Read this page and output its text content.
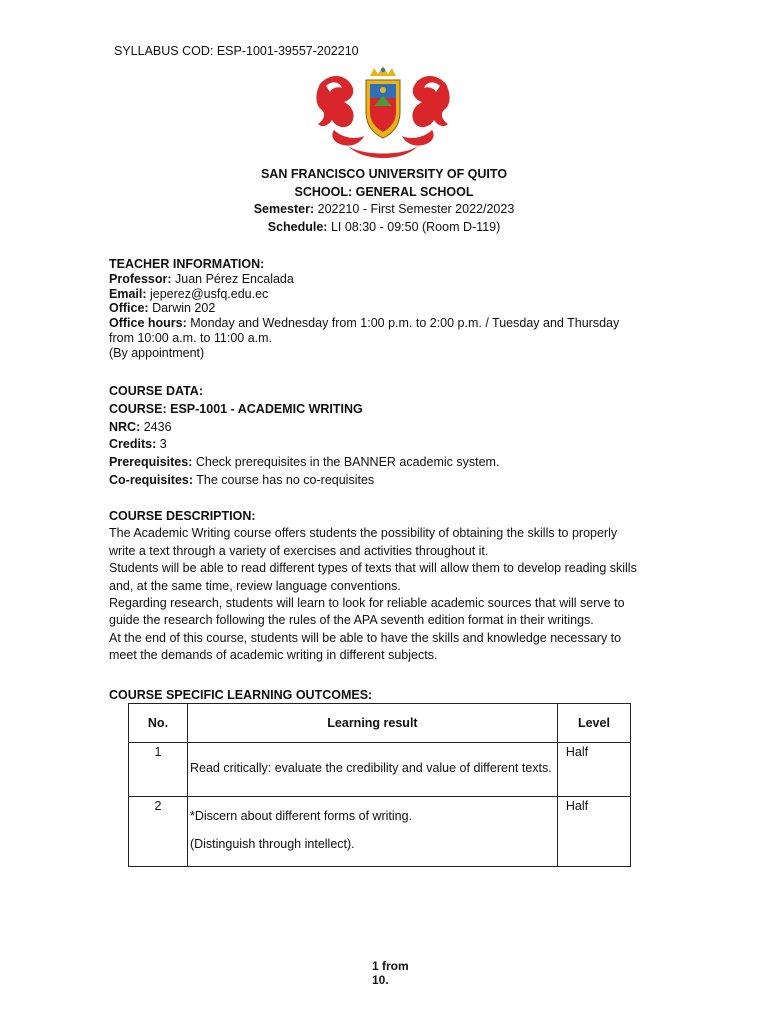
SYLLABUS COD: ESP-1001-39557-202210
SAN FRANCISCO UNIVERSITY OF QUITO
SCHOOL: GENERAL SCHOOL
Semester: 202210 - First Semester 2022/2023
Schedule: LI 08:30 - 09:50 (Room D-119)
TEACHER INFORMATION:
Professor: Juan Pérez Encalada
Email: jeperez@usfq.edu.ec
Office: Darwin 202
Office hours: Monday and Wednesday from 1:00 p.m. to 2:00 p.m. / Tuesday and Thursday
from 10:00 a.m. to 11:00 a.m.
(By appointment)
COURSE DATA:
COURSE: ESP-1001 - ACADEMIC WRITING
NRC: 2436
Credits: 3
Prerequisites: Check prerequisites in the BANNER academic system.
Co-requisites: The course has no co-requisites
COURSE DESCRIPTION:

The Academic Writing course offers students the possibility of obtaining the skills to properly

write a text through a variety of exercises and activities throughout it.

Students will be able to read different types of texts that will allow them to develop reading skills

and, at the same time, review language conventions.

Regarding research, students will learn to look for reliable academic sources that will serve to

guide the research following the rules of the APA seventh edition format in their writings.

At the end of this course, students will be able to have the skills and knowledge necessary to

meet the demands of academic writing in different subjects.

COURSE SPECIFIC LEARNING OUTCOMES:
No.	Learning result	Level
1	Read critically: evaluate the credibility and value of different texts.	Half
2	*Discern about different forms of writing.
(Distinguish through intellect).	Half
1 from
10.
